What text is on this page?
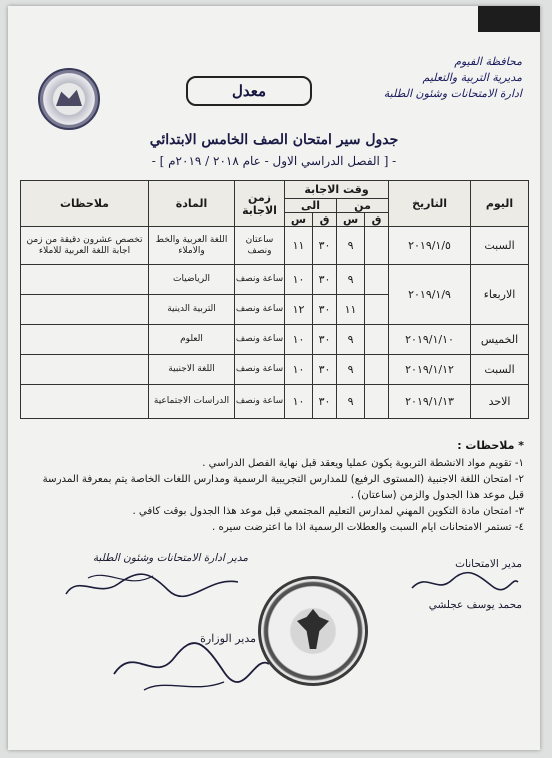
محافظة الفيوم
مديرية التربية والتعليم
ادارة الامتحانات وشئون الطلبة
معدل
جدول سير امتحان الصف الخامس الابتدائي
- [ الفصل الدراسي الاول - عام ٢٠١٨ / ٢٠١٩م ] -
اليوم	التاريخ	وقت الاجابة				زمن الاجابة	المادة	ملاحظات
		من		الى				
		ق	س	ق	س			
السبت	٢٠١٩/١/٥		٩	٣٠	١١	ساعتان ونصف	اللغة العربية والخط والاملاء	تخصص عشرون دقيقة من زمن اجابة اللغة العربية للاملاء
الاربعاء	٢٠١٩/١/٩		٩	٣٠	١٠	ساعة ونصف	الرياضيات	
			١١	٣٠	١٢	ساعة ونصف	التربية الدينية	
الخميس	٢٠١٩/١/١٠		٩	٣٠	١٠	ساعة ونصف	العلوم	
السبت	٢٠١٩/١/١٢		٩	٣٠	١٠	ساعة ونصف	اللغة الاجنبية	
الاحد	٢٠١٩/١/١٣		٩	٣٠	١٠	ساعة ونصف	الدراسات الاجتماعية	
* ملاحظات :
١- تقويم مواد الانشطة التربوية يكون عمليا ويعقد قبل نهاية الفصل الدراسي .
٢- امتحان اللغة الاجنبية (المستوى الرفيع) للمدارس التجريبية الرسمية ومدارس اللغات الخاصة يتم بمعرفة المدرسة قبل موعد هذا الجدول والزمن (ساعتان) .
٣- امتحان مادة التكوين المهني لمدارس التعليم المجتمعي قبل موعد هذا الجدول بوقت كافي .
٤- تستمر الامتحانات ايام السبت والعطلات الرسمية اذا ما اعترضت سيره .
مدير الامتحانات
محمد يوسف عجلشي
مدير ادارة الامتحانات وشئون الطلبة
مدير الوزارة
